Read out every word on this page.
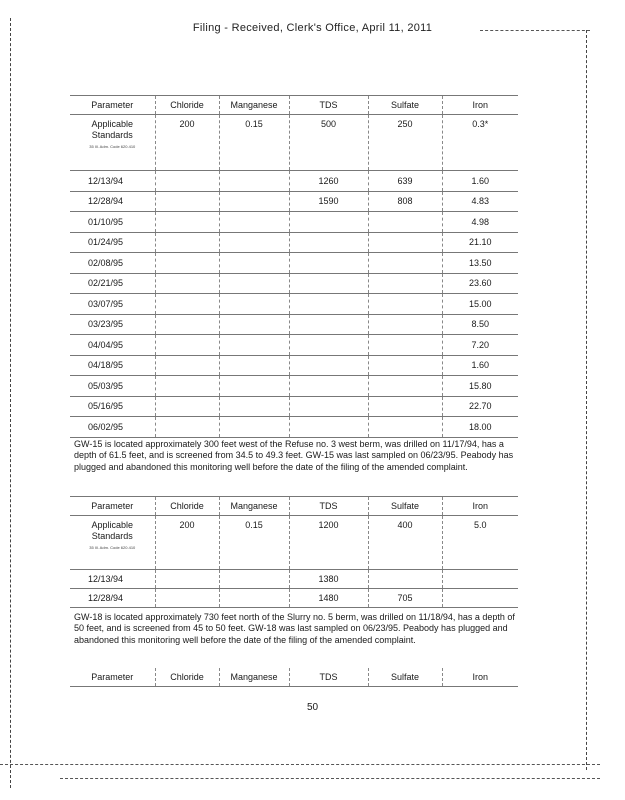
Filing - Received, Clerk's Office, April 11, 2011
Parameter	Chloride	Manganese	TDS	Sulfate	Iron

Applicable Standards
35 Ill. Adm. Code 620.410	200	0.15	500	250	0.3*
12/13/94			1260	639	1.60
12/28/94			1590	808	4.83
01/10/95					4.98
01/24/95					21.10
02/08/95					13.50
02/21/95					23.60
03/07/95					15.00
03/23/95					8.50
04/04/95					7.20
04/18/95					1.60
05/03/95					15.80
05/16/95					22.70
06/02/95					18.00
GW-15 is located approximately 300 feet west of the Refuse no. 3 west berm, was drilled on 11/17/94, has a depth of 61.5 feet, and is screened from 34.5 to 49.3 feet. GW-15 was last sampled on 06/23/95. Peabody has plugged and abandoned this monitoring well before the date of the filing of the amended complaint.
Parameter	Chloride	Manganese	TDS	Sulfate	Iron

Applicable Standards
35 Ill. Adm. Code 620.410	200	0.15	1200	400	5.0
12/13/94			1380		
12/28/94			1480	705	
GW-18 is located approximately 730 feet north of the Slurry no. 5 berm, was drilled on 11/18/94, has a depth of 50 feet, and is screened from 45 to 50 feet. GW-18 was last sampled on 06/23/95. Peabody has plugged and abandoned this monitoring well before the date of the filing of the amended complaint.
Parameter	Chloride	Manganese	TDS	Sulfate	Iron
50
